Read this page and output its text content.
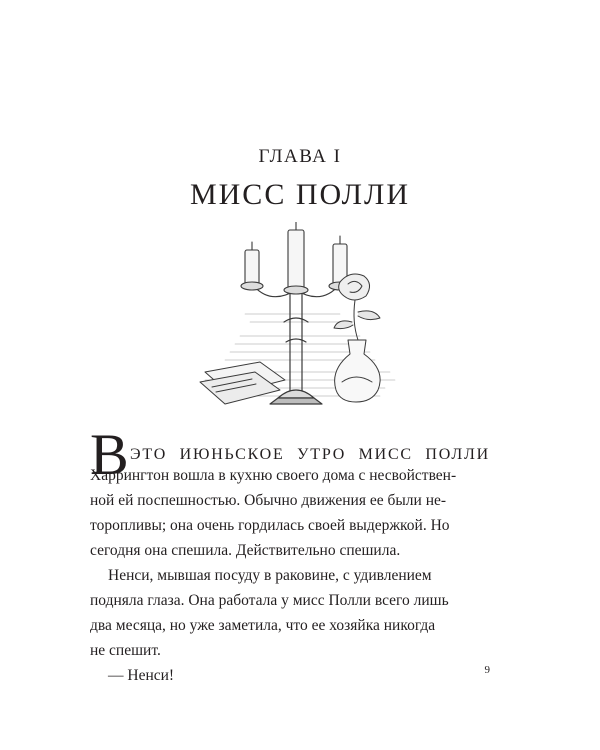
ГЛАВА I
МИСС ПОЛЛИ
В ЭТО ИЮНЬСКОЕ УТРО МИСС ПОЛЛИ
Харрингтон вошла в кухню своего дома с несвойствен-
ной ей поспешностью. Обычно движения ее были не-
торопливы; она очень гордилась своей выдержкой. Но
сегодня она спешила. Действительно спешила.
Ненси, мывшая посуду в раковине, с удивлением
подняла глаза. Она работала у мисс Полли всего лишь
два месяца, но уже заметила, что ее хозяйка никогда
не спешит.
— Ненси!	9
